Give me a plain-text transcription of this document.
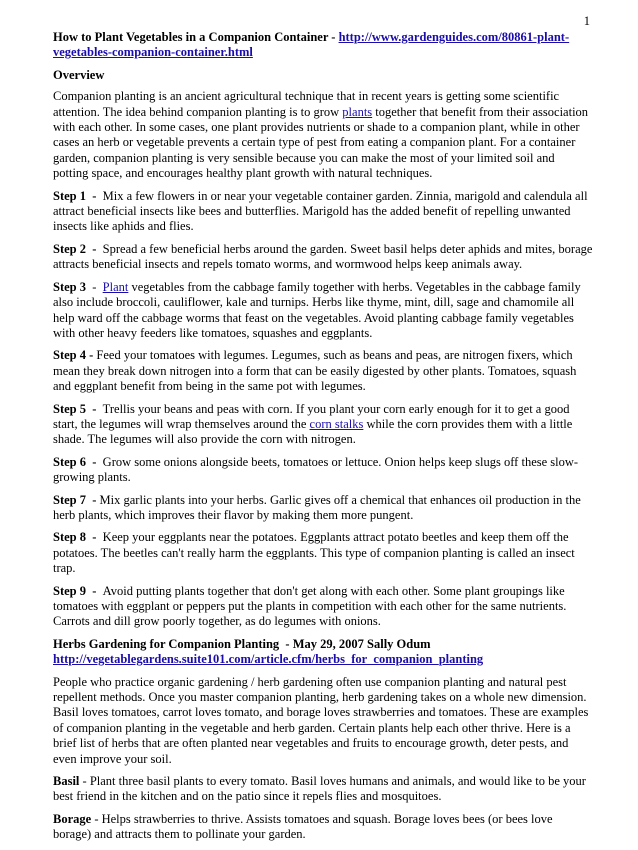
1

How to Plant Vegetables in a Companion Container - http://www.gardenguides.com/80861-plant-vegetables-companion-container.html

Overview

Companion planting is an ancient agricultural technique that in recent years is getting some scientific attention. The idea behind companion planting is to grow plants together that benefit from their association with each other. In some cases, one plant provides nutrients or shade to a companion plant, while in other cases an herb or vegetable prevents a certain type of pest from eating a companion plant. For a container garden, companion planting is very sensible because you can make the most of your limited soil and potting space, and encourages healthy plant growth with natural techniques.

Step 1  -  Mix a few flowers in or near your vegetable container garden. Zinnia, marigold and calendula all attract beneficial insects like bees and butterflies. Marigold has the added benefit of repelling unwanted insects like aphids and flies.

Step 2  -  Spread a few beneficial herbs around the garden. Sweet basil helps deter aphids and mites, borage attracts beneficial insects and repels tomato worms, and wormwood helps keep animals away.

Step 3  -  Plant vegetables from the cabbage family together with herbs. Vegetables in the cabbage family also include broccoli, cauliflower, kale and turnips. Herbs like thyme, mint, dill, sage and chamomile all help ward off the cabbage worms that feast on the vegetables. Avoid planting cabbage family vegetables with other heavy feeders like tomatoes, squashes and eggplants.

Step 4 - Feed your tomatoes with legumes. Legumes, such as beans and peas, are nitrogen fixers, which mean they break down nitrogen into a form that can be easily digested by other plants. Tomatoes, squash and eggplant benefit from being in the same pot with legumes.

Step 5  -  Trellis your beans and peas with corn. If you plant your corn early enough for it to get a good start, the legumes will wrap themselves around the corn stalks while the corn provides them with a little shade. The legumes will also provide the corn with nitrogen.

Step 6  -  Grow some onions alongside beets, tomatoes or lettuce. Onion helps keep slugs off these slow-growing plants.

Step 7  - Mix garlic plants into your herbs. Garlic gives off a chemical that enhances oil production in the herb plants, which improves their flavor by making them more pungent.

Step 8  -  Keep your eggplants near the potatoes. Eggplants attract potato beetles and keep them off the potatoes. The beetles can't really harm the eggplants. This type of companion planting is called an insect trap.

Step 9  -  Avoid putting plants together that don't get along with each other. Some plant groupings like tomatoes with eggplant or peppers put the plants in competition with each other for the same nutrients. Carrots and dill grow poorly together, as do legumes with onions.

Herbs Gardening for Companion Planting  - May 29, 2007 Sally Odum
http://vegetablegardens.suite101.com/article.cfm/herbs_for_companion_planting

People who practice organic gardening / herb gardening often use companion planting and natural pest repellent methods. Once you master companion planting, herb gardening takes on a whole new dimension. Basil loves tomatoes, carrot loves tomato, and borage loves strawberries and tomatoes. These are examples of companion planting in the vegetable and herb garden. Certain plants help each other thrive. Here is a brief list of herbs that are often planted near vegetables and fruits to encourage growth, deter pests, and even improve your soil.

Basil - Plant three basil plants to every tomato. Basil loves humans and animals, and would like to be your best friend in the kitchen and on the patio since it repels flies and mosquitoes.

Borage - Helps strawberries to thrive. Assists tomatoes and squash. Borage loves bees (or bees love borage) and attracts them to pollinate your garden.
